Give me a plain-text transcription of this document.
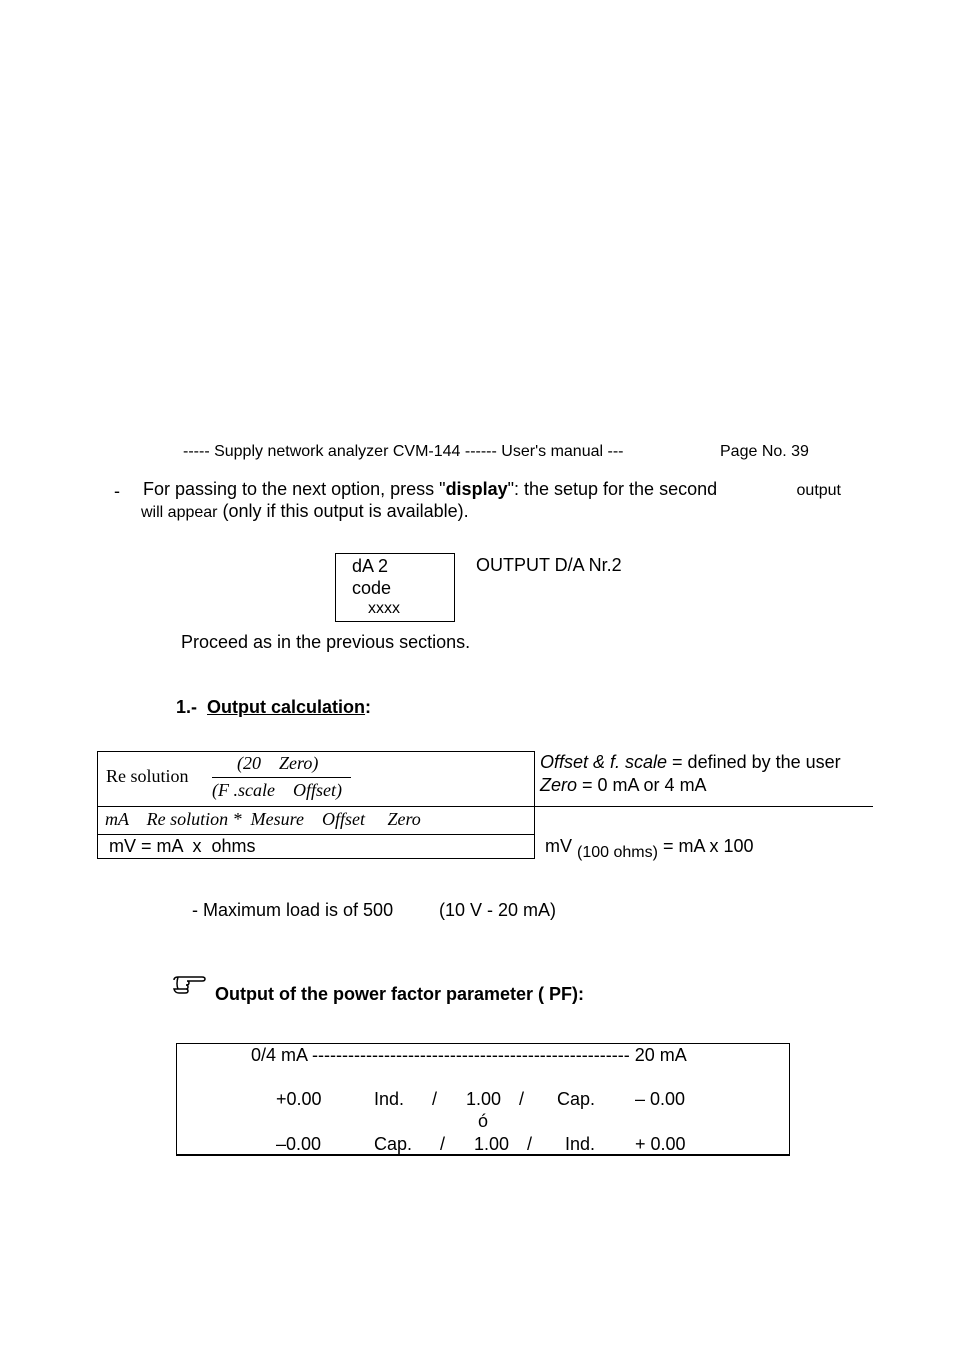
----- Supply network analyzer CVM-144 ------ User's manual ---	Page No. 39
- For passing to the next option, press "display": the setup for the second	output
will appear (only if this output is available).
dA 2
code
xxxx
OUTPUT D/A Nr.2
Proceed as in the previous sections.
1.- Output calculation:
Re solution
(20    Zero)
(F .scale    Offset)
mA    Re solution *  Mesure    Offset     Zero
mV = mA  x  ohms
Offset & f. scale = defined by the user
Zero = 0 mA or 4 mA
mV (100 ohms) = mA x 100
- Maximum load is of 500	(10 V - 20 mA)
Output of the power factor parameter ( PF):
0/4 mA ----------------------------------------------------- 20 mA
+0.00	Ind. / 1.00 / Cap. – 0.00
ó
–0.00	Cap. / 1.00 / Ind. + 0.00
